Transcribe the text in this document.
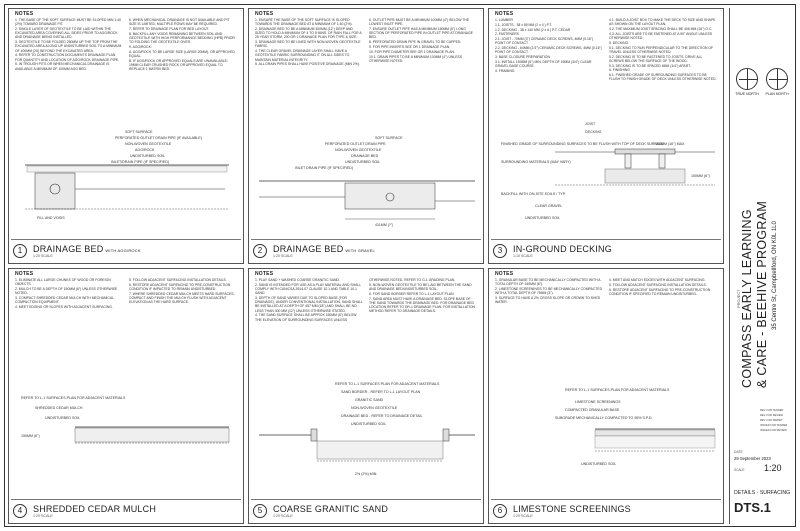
NOTES
1. THE BASE OF THE SOFT SURFACE MUST BE SLOPED MIN 1:40 (2%) TOWARD DRAINAGE PIT.
2. SINGLE LAYER OF GEOTEXTILE TO BE LAID WITHIN THE EXCAVATED AREA COVERING ALL SIDES PRIOR TO AGG/ROCK AND DRAINAGE BEING INSTALLED.
3. GEOTEXTILE TO BE FOLDED 250MM UP THE TOP FROM THE EXCAVATED AREA ALONG UP UNDISTURBED SOIL TO A MINIMUM OF 400MM (2X) BEYOND THE EXCAVATED AREA.
4. REFER TO CONSTRUCTION DOCUMENTS DRAINAGE PLAN FOR QUANTITY AND LOCATION OF AGG/ROCK DRAINAGE PIPE.
5. IN TROUGH PITS OR WHEN MECHANICAL DRAINAGE IS AVAILABLE A MINIMUM OF 100MM AGG BED.
6. WHEN MECHANICAL DRAINAGE IS NOT AVAILABLE AND PIT SIZE IS LIMITED, MULTIPLE ROWS MAY BE REQUIRED.
7. REFER TO DRAINAGE PLAN FOR BED LAYOUT.
8. BACKFILL ANY VOIDS REMAINING BETWEEN SOIL AND GEOTEXTILE WITH HIGH PERFORMANCE BEDDING (HPB) PRIOR TO FOLDING THE GEOTEXTILE OVER.
9. AGG/ROCK:
A. AGG/ROCK TO BE LARGE SIZE (LARGE 20MM), OR APPROVED EQUAL.
B. IF AGG/ROCK OR APPROVED EQUALS ARE UNAVAILABLE: 19MM CLEAR CRUSHED ROCK OR APPROVED EQUAL TO REPLACE 1 MATRIX BED.
SOFT SURFACE
PERFORATED OUTLET DRAIN PIPE (IF AVAILABLE)
NON-WOVEN GEOTEXTILE
AGG/ROCK
UNDISTURBED SOIL
INLET/DRAIN PIPE (IF SPECIFIED)
FILL AND VOIDS
1	DRAINAGE BED WITH AGG/ROCK
1:20 SCALE
NOTES
1. ENSURE THE BASE OF THE SOFT SURFACE IS SLOPED TOWARDS THE DRAINAGE BED AT A MINIMUM OF 1:40 (2%).
2. DRAINAGE BED TO BE A MINIMUM 300MM (12") DEEP AND SIZED TO HOLD A MINIMUM OF 4 TO 5 MINS. OF RAIN FALL FOR A 25 YEAR STORM, 200 OR 1 DRAINAGE PLAN FOR TYPE & SIZE.
3. DRAINAGE BED TO BE LINED WITH NON-WOVEN GEOTEXTILE FABRIC.
4. THE CLEAR GRAVEL DRAINAGE LAYER SHALL HAVE A GEOTEXTILE FABRIC SURROUNDING IT ON ALL SIDES TO MAINTAIN MATERIAL INTEGRITY.
5. ALL DRAIN PIPES SHALL HAVE POSITIVE DRAINAGE (MIN 2%).
6. OUTLET PIPE MUST BE A MINIMUM 100MM (4") BELOW THE LOWEST INLET PIPE.
7. ENSURE OUTLET PIPE HAS A MINIMUM 150MM (6") LONG SECTION OF PERFORATED PIPE IN OUTLET PIPE AT DRAINAGE BED.
8. PERFORATED DRAIN PIPE IN GRAVEL TO BE CAPPED.
9. FOR PIPE INVERTS SEE OR 1 DRAINAGE PLAN.
10. FOR PIPE DIAMETER SEE OR 1 DRAINAGE PLAN.
10.1. DRAIN PIPES TO BE A MINIMUM 100MM (4") UNLESS OTHERWISE NOTED.
SOFT SURFACE
PERFORATED OUTLET DRAIN PIPE
NON-WOVEN GEOTEXTILE
DRAINAGE BED
UNDISTURBED SOIL
INLET DRAIN PIPE (IF SPECIFIED)
411MM (?")
2	DRAINAGE BED WITH GRAVEL
1:20 SCALE
NOTES
1. LUMBER
1.1. JOISTS - 38 x 89 MM (2 x 4 ) P.T.
1.2. DECKING - 38 x 140 MM (2 x 6 ) P.T. CEDAR
2. FASTENERS
2.1. JOIST - 70MM (3") CERAMIC DECK SCREWS, 4MM (0.16") POINT OF CONTACT.
2.2. DECKING - 64MM (2.5") CERAMIC DECK SCREWS, 4MM (0.16") POINT OF CONTACT.
3. BASE CLOSURE PREPARATION
3.1. INSTALL 150MM (6") MIN. DEPTH OF 19MM (3/4") CLEAR GRAVEL BASE COURSE.
4. FRAMING
4.1. BUILD A JOIST BOX TO MAKE THE DECK TO SIZE AND SHAPE AS SHOWN ON THE LAYOUT PLAN.
4.2. THE MAXIMUM JOIST SPACING SHALL BE 406 MM (16") O.C.
4.3. ALL JOISTS ARE TO BE FASTENED AT A 90° ANGLE UNLESS OTHERWISE NOTED.
5. DECKING
5.1. DECKING TO RUN PERPENDICULAR TO THE DIRECTION OF TRAVEL UNLESS OTHERWISE NOTED.
5.2. DECKING IS TO BE FASTENED TO JOISTS. DRIVE ALL SCREWS BELOW THE SURFACE OF THE WOOD.
5.3. DECKING IS TO BE SPACED 6MM (1/4") APART.
6. FINISHING
6.1. FINISHED GRADE OF SURROUNDING SURFACES TO BE FLUSH TO FINISH GRADE OF DECK UNLESS OTHERWISE NOTED.
JOIST
DECKING
FINISHED GRADE OF SURROUNDING SURFACES TO BE FLUSH WITH TOP OF DECK SURFACE
SURROUNDING MATERIALS (MAY VARY)
BACKFILL WITH ON-SITE SOILS / TYP.
CLEAR GRAVEL
UNDISTURBED SOIL
150MM (6")
406MM (16") MAX.
3	IN-GROUND DECKING
1:10 SCALE
NOTES
1. ELIMINATE ALL LARGE CHUNKS OF WOOD OR FOREIGN OBJECTS.
2. MULCH TO BE A DEPTH OF 150MM (6") UNLESS OTHERWISE NOTED.
3. COMPACT SHREDDED CEDAR MULCH WITH MECHANICAL COMPACTION EQUIPMENT.
4. MEET EDGING OR SLOPES WITH ADJACENT SURFACING.
5. FOLLOW ADJACENT SURFACING INSTALLATION DETAILS.
6. RESTORE ADJACENT SURFACING TO PRE-CONSTRUCTION CONDITION IF IMPACTED TO REMAIN UNDISTURBED.
7. WHERE SHREDDED CEDAR MULCH MEETS HARD SURFACES, COMPACT AND FINISH THE MULCH FLUSH WITH ADJACENT ELEVATION AS THE HARD SURFACE.
REFER TO L-1 SURFACES PLAN FOR ADJACENT MATERIALS
SHREDDED CEDAR MULCH
UNDISTURBED SOIL
150MM (6")
4	SHREDDED CEDAR MULCH
1:20 SCALE
NOTES
1. PLAY SAND + WASHED COARSE GRANITIC SAND.
2. SAND IS INTENDED FOR USE AS A PLAY MATERIAL AND SHALL COMPLY WITH CAN/CSA Z614-07 CLAUSE 10.1 AND TABLE 10.1 SAND.
3. DEPTH OF SAND VARIES DUE TO SLOPED BASE (FOR DRAINAGE). UNDER CONVENTIONAL INSTALLATION, SAND SHALL BE INSTALLED AT A DEPTH OF 457 MM (18") AND SHALL BE NO LESS THAN 300 MM (12") UNLESS OTHERWISE STATED.
4. THE SAND SURFACE SHALL BE APPROX 150MM (6") BELOW THE ELEVATION OF SURROUNDING SURFACES UNLESS OTHERWISE NOTED. REFER TO G-1 GRADING PLAN.
5. NON-WOVEN GEOTEXTILE TO BE LAID BETWEEN THE SAND AND DRAINAGE BED/UNDISTURBED SOIL.
6. FOR SAND BORDER REFER TO L-1 LAYOUT PLAN.
7. SAND AREA MUST HAVE A DRAINAGE BED. SLOPE BASE OF THE SAND TOWARDS THE DRAINAGE BED. FOR DRAINAGE BED LOCATION REFER TO DR-1 DRAINAGE PLAN. FOR INSTALLATION METHOD REFER TO DRAINAGE DETAILS.
REFER TO L-1 SURFACES PLAN FOR ADJACENT MATERIALS
SAND BORDER - REFER TO L-1 LAYOUT PLAN
GRANITIC SAND
NON-WOVEN GEOTEXTILE
DRAINAGE BED - REFER TO DRAINAGE DETAIL
UNDISTURBED SOIL
2% (2%) MIN.
5	COARSE GRANITIC SAND
1:20 SCALE
NOTES
1. GRANULAR BASE TO BE MECHANICALLY COMPACTED WITH A TOTAL DEPTH OF 150MM (6").
2. LIMESTONE SCREENINGS TO BE MECHANICALLY COMPACTED WITH A TOTAL DEPTH OF 75MM (3").
3. SURFACE TO HAVE A 2% CROSS SLOPE OR CROWN TO SHED WATER.
4. MEET AND MATCH EDGES WITH ADJACENT SURFACING.
5. FOLLOW ADJACENT SURFACING INSTALLATION DETAILS.
6. RESTORE ADJACENT SURFACING TO PRE-CONSTRUCTION CONDITION IF SPECIFIED TO REMAIN UNDISTURBED.
REFER TO L-1 SURFACES PLAN FOR ADJACENT MATERIALS
LIMESTONE SCREENINGS
COMPACTED GRANULAR BASE
SUBGRADE MECHANICALLY COMPACTED TO 95% S.P.D.
UNDISTURBED SOIL
6	LIMESTONE SCREENINGS
1:20 SCALE
TRUE NORTH	PLAN NORTH
PROJECT COMPASS EARLY LEARNING & CARE - BEEHIVE PROGRAM 35 Centre St, Campbellford, ON K0L 1L0
REV. FOR TENDER
REV. FOR REVIEW
REV. FOR PERMIT
ISSUED FOR TENDER
ISSUED FOR REVIEW
DATE
29 September 2023
SCALE 1:20
DETAILS - SURFACING
DTS.1
